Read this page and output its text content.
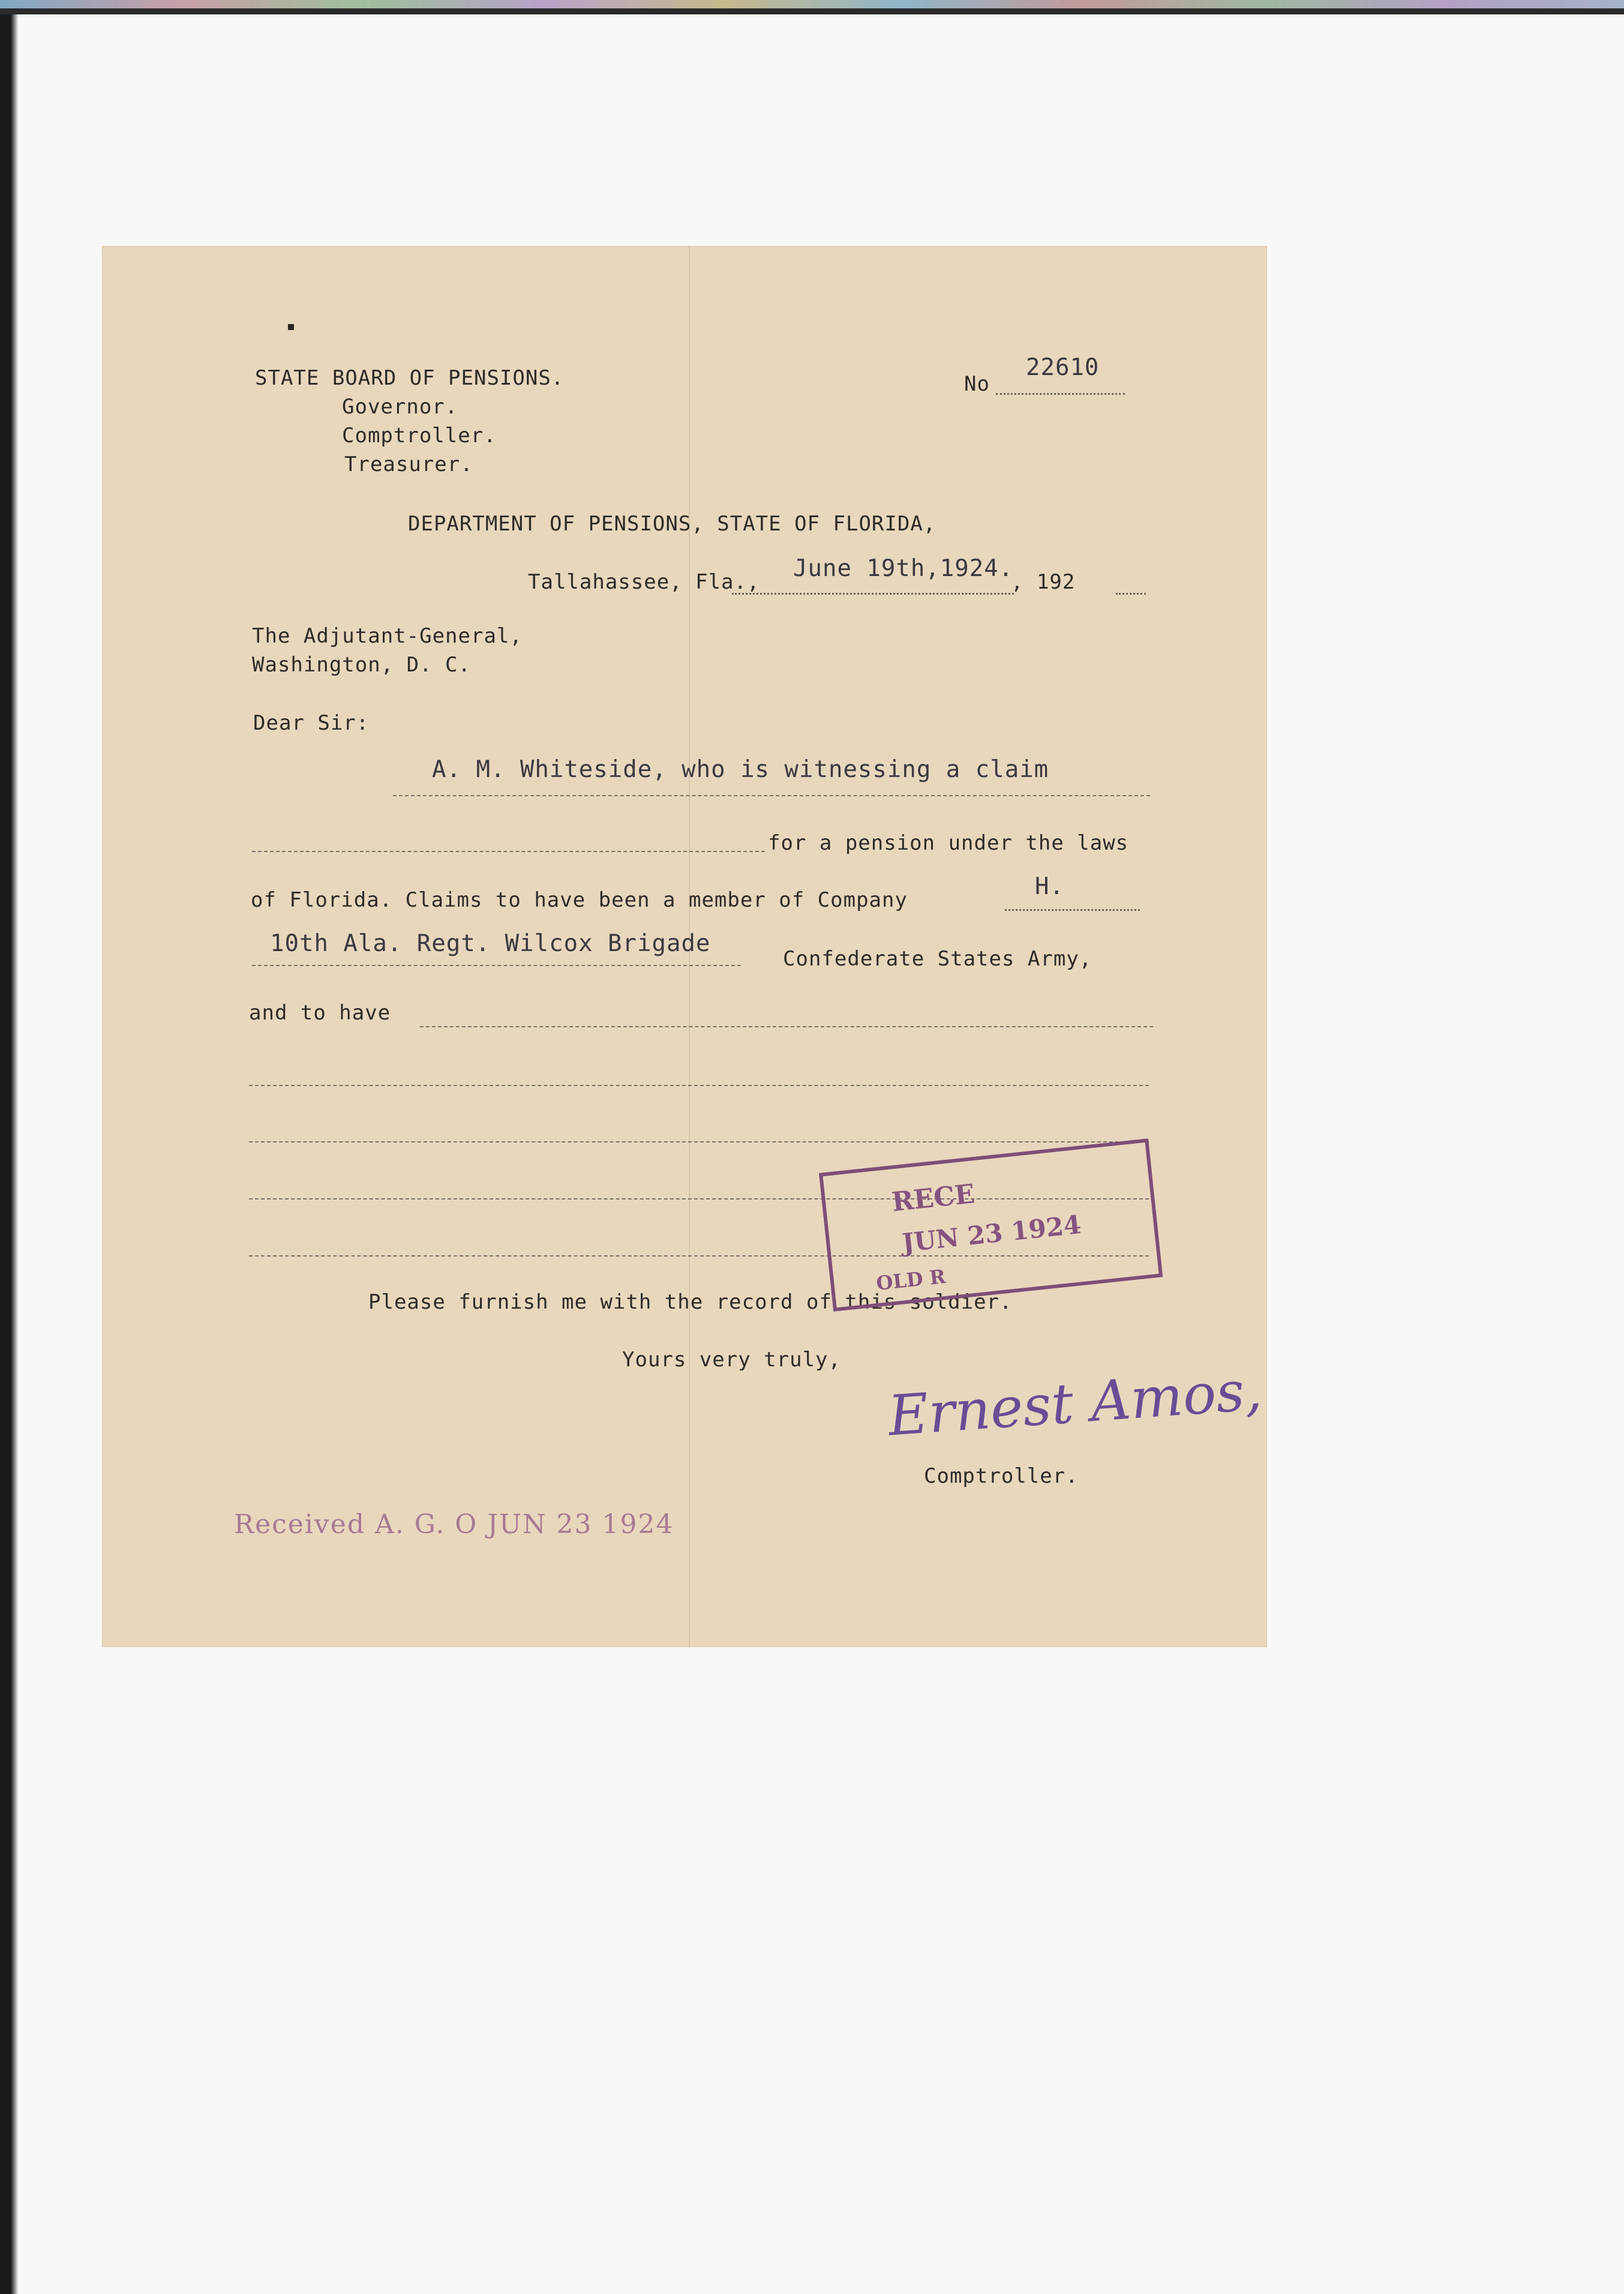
STATE BOARD OF PENSIONS.
Governor.
Comptroller.
Treasurer.
No
22610
DEPARTMENT OF PENSIONS, STATE OF FLORIDA,
Tallahassee, Fla., June 19th,1924.
, 192
The Adjutant-General,
Washington, D. C.
Dear Sir:
A. M. Whiteside, who is witnessing a claim
for a pension under the laws
of Florida. Claims to have been a member of Company	H.
10th Ala. Regt. Wilcox Brigade
Confederate States Army,
and to have
Please furnish me with the record of this soldier.
Yours very truly,
RECE
JUN 23 1924
OLD R
Ernest Amos,
Comptroller.
Received A. G. O JUN 23 1924
